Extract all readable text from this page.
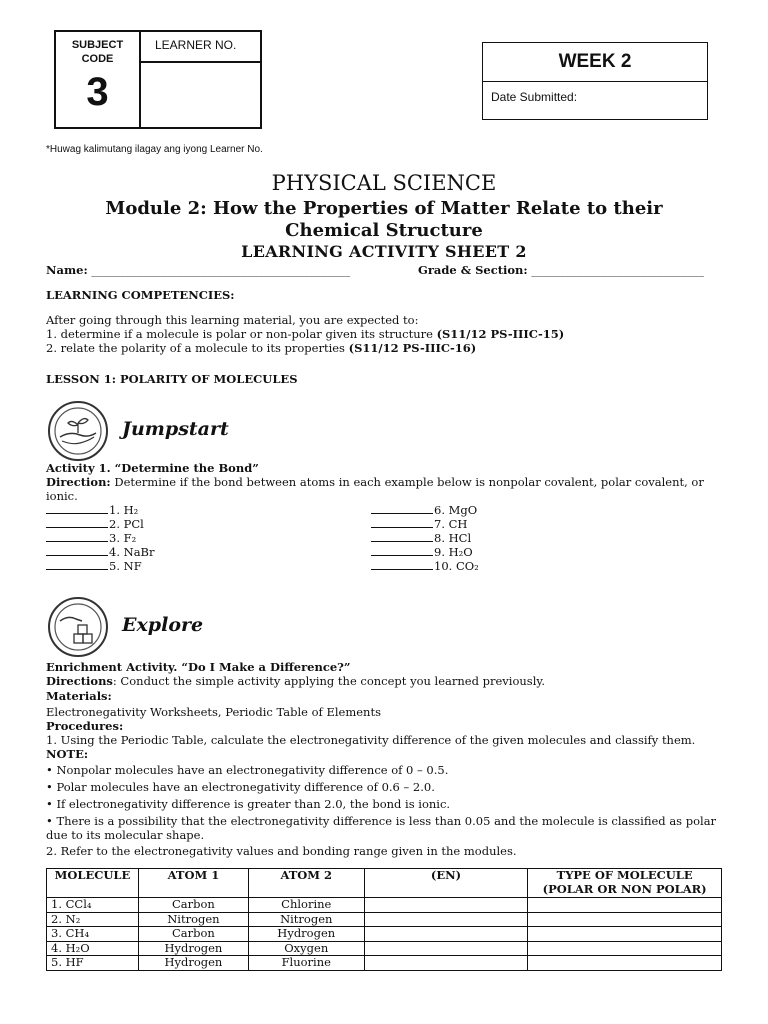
SUBJECT CODE
3
LEARNER NO.
WEEK 2
Date Submitted:
*Huwag kalimutang ilagay ang iyong Learner No.
PHYSICAL SCIENCE
Module 2: How the Properties of Matter Relate to their
Chemical Structure
LEARNING ACTIVITY SHEET 2
Name: _____________________________________________	Grade & Section: ______________________________
LEARNING COMPETENCIES:
After going through this learning material, you are expected to:
1. determine if a molecule is polar or non-polar given its structure (S11/12 PS-IIIC-15)
2. relate the polarity of a molecule to its properties (S11/12 PS-IIIC-16)
LESSON 1: POLARITY OF MOLECULES
Jumpstart
Activity 1. “Determine the Bond”
Direction: Determine if the bond between atoms in each example below is nonpolar covalent, polar covalent, or ionic.
1. H₂
2. PCl
3. F₂
4. NaBr
5. NF
6. MgO
7. CH
8. HCl
9. H₂O
10. CO₂
Explore
Enrichment Activity. “Do I Make a Difference?”
Directions: Conduct the simple activity applying the concept you learned previously.
Materials:
Electronegativity Worksheets, Periodic Table of Elements
Procedures:
1. Using the Periodic Table, calculate the electronegativity difference of the given molecules and classify them.
NOTE:
• Nonpolar molecules have an electronegativity difference of 0 – 0.5.
• Polar molecules have an electronegativity difference of 0.6 – 2.0.
• If electronegativity difference is greater than 2.0, the bond is ionic.
• There is a possibility that the electronegativity difference is less than 0.05 and the molecule is classified as polar due to its molecular shape.
2. Refer to the electronegativity values and bonding range given in the modules.
MOLECULE	ATOM 1	ATOM 2	(EN)	TYPE OF MOLECULE (POLAR OR NON POLAR)
1. CCl₄	Carbon	Chlorine		
2. N₂	Nitrogen	Nitrogen		
3. CH₄	Carbon	Hydrogen		
4. H₂O	Hydrogen	Oxygen		
5. HF	Hydrogen	Fluorine		
